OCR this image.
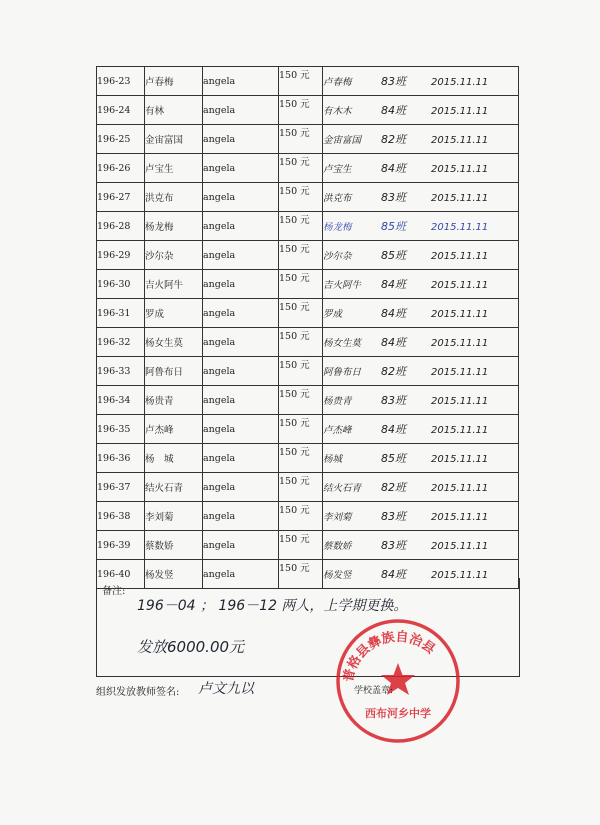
196-23	卢春梅	angela	150 元	卢春梅 83班 2015.11.11
196-24	有林	angela	150 元	有木木 84班 2015.11.11
196-25	金宙富国	angela	150 元	金宙富国 82班 2015.11.11
196-26	卢宝生	angela	150 元	卢宝生 84班 2015.11.11
196-27	洪克布	angela	150 元	洪克布 83班 2015.11.11
196-28	杨龙梅	angela	150 元	杨龙梅 85班 2015.11.11
196-29	沙尔杂	angela	150 元	沙尔杂 85班 2015.11.11
196-30	吉火阿牛	angela	150 元	吉火阿牛 84班 2015.11.11
196-31	罗成	angela	150 元	罗成 84班 2015.11.11
196-32	杨女生莫	angela	150 元	杨女生莫 84班 2015.11.11
196-33	阿鲁布日	angela	150 元	阿鲁布日 82班 2015.11.11
196-34	杨贵青	angela	150 元	杨贵青 83班 2015.11.11
196-35	卢杰峰	angela	150 元	卢杰峰 84班 2015.11.11
196-36	杨　城	angela	150 元	杨城 85班 2015.11.11
196-37	结火石青	angela	150 元	结火石青 82班 2015.11.11
196-38	李刘菊	angela	150 元	李刘菊 83班 2015.11.11
196-39	蔡数娇	angela	150 元	蔡数娇 83班 2015.11.11
196-40	杨发竖	angela	150 元	杨发竖 84班 2015.11.11
备注:
196－04 ； 196－12 两人，上学期更换。
发放6000.00元
组织发放教师签名: 卢文九以
普格县彝族自治县
西布河乡中学
学校盖章:
